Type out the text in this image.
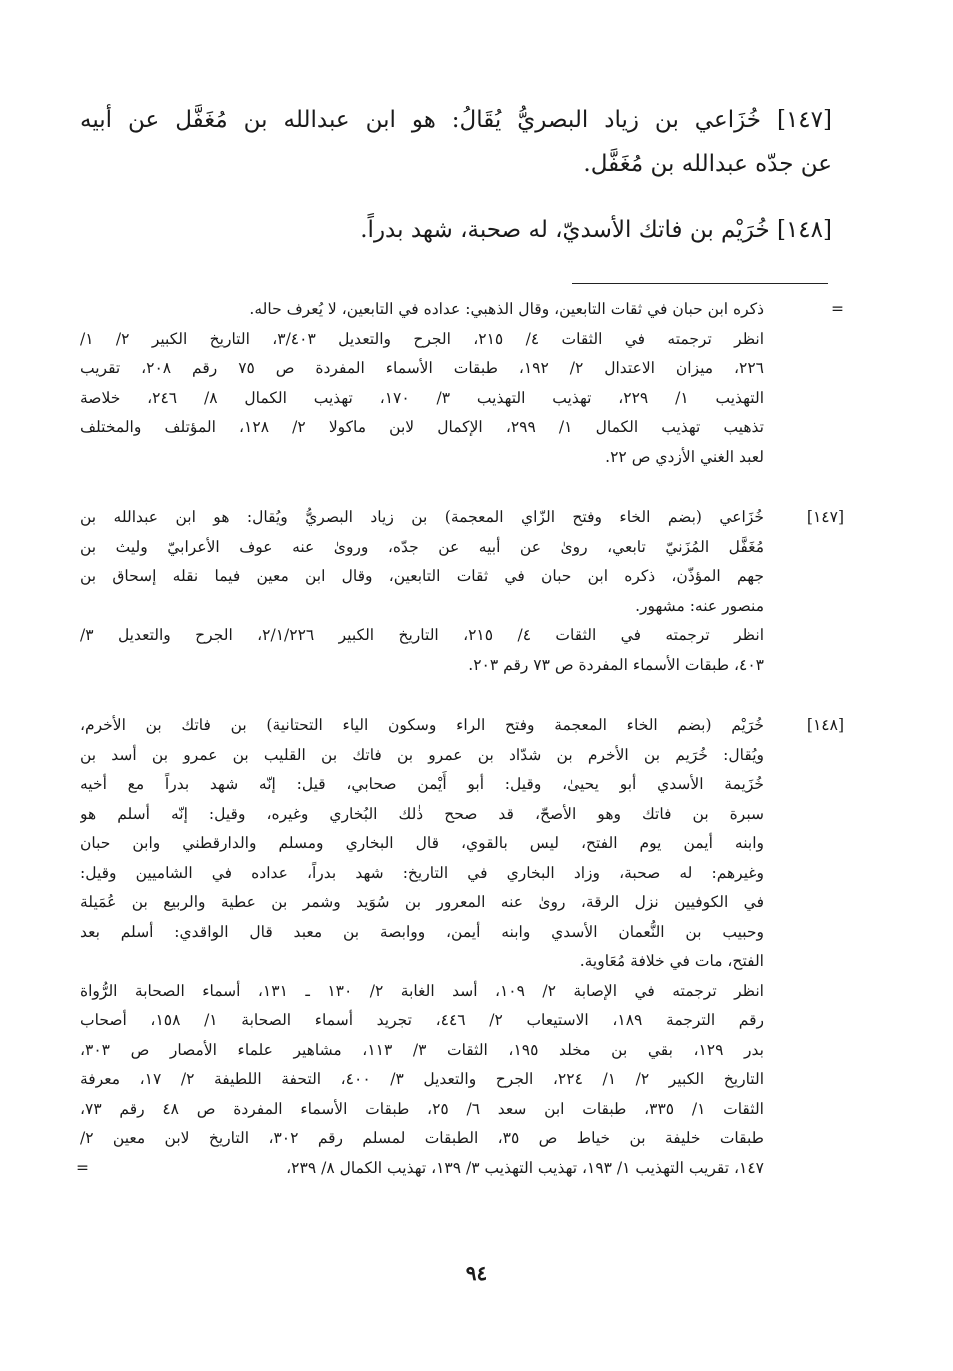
[١٤٧] خُزَاعي بن زياد البصريُّ يُقَالُ: هو ابن عبدالله بن مُغَفَّل عن أبيه
عن جدّه عبدالله بن مُغَفَّل.
[١٤٨] خُرَيْم بن فاتك الأسديّ، له صحبة، شهد بدراً.
=
ذكره ابن حبان في ثقات التابعين، وقال الذهبي: عداده في التابعين، لا يُعرف حاله.
انظر ترجمته في الثقات ٤/ ٢١٥، الجرح والتعديل ٣/٤٠٣، التاريخ الكبير ٢/ ١/
٢٢٦، ميزان الاعتدال ٢/ ١٩٢، طبقات الأسماء المفردة ص ٧٥ رقم ٢٠٨، تقريب
التهذيب ١/ ٢٢٩، تهذيب التهذيب ٣/ ١٧٠، تهذيب الكمال ٨/ ٢٤٦، خلاصة
تذهيب تهذيب الكمال ١/ ٢٩٩، الإكمال لابن ماكولا ٢/ ١٢٨، المؤتلف والمختلف
لعبد الغني الأزدي ص ٢٢.
[١٤٧]
خُزَاعي (بضم الخاء وفتح الزّاي المعجمة) بن زياد البصريُّ ويُقال: هو ابن عبدالله بن
مُغَفَّل المُزَنيّ تابعي، روىٰ عن أبيه عن جدّه، وروىٰ عنه عوف الأعرابيّ وليث بن
جهم المؤذّن، ذكره ابن حبان في ثقات التابعين، وقال ابن معين فيما نقله إسحاق بن
منصور عنه: مشهور.
انظر ترجمته في الثقات ٤/ ٢١٥، التاريخ الكبير ٢/١/٢٢٦، الجرح والتعديل ٣/
٤٠٣، طبقات الأسماء المفردة ص ٧٣ رقم ٢٠٣.
[١٤٨]
خُرَيْم (بضم الخاء المعجمة وفتح الراء وسكون الياء التحتانية) بن فاتك بن الأخرم،
ويُقال: خُرَيم بن الأخرم بن شدّاد بن عمرو بن فاتك بن القليب بن عمرو بن أسد بن
خُزَيمة الأسدي أبو يحيىٰ، وقيل: أبو أَيْمن صحابي، قيل: إنّه شهد بدراً مع أخيه
سبرة بن فاتك وهو الأصحّ، قد صحح ذٰلك البُخاري وغيره، وقيل: إنّه أسلم هو
وابنه أيمن يوم الفتح، ليس بالقوي، قال البخاري ومسلم والدارقطني وابن حبان
وغيرهم: له صحبة، وزاد البخاري في التاريخ: شهد بدراً، عداده في الشاميين وقيل:
في الكوفيين نزل الرقة، روىٰ عنه المعرور بن سُوَيد وشمر بن عطية والربيع بن عُمَيلة
وحبيب بن النُّعمان الأسدي وابنه أيمن، ووابصة بن معبد قال الواقدي: أسلم بعد
الفتح، مات في خلافة مُعَاوية.
انظر ترجمته في الإصابة ٢/ ١٠٩، أسد الغابة ٢/ ١٣٠ ـ ١٣١، أسماء الصحابة الرُّواة
رقم الترجمة ١٨٩، الاستيعاب ٢/ ٤٤٦، تجريد أسماء الصحابة ١/ ١٥٨، أصحاب
بدر ١٢٩، بقي بن مخلد ١٩٥، الثقات ٣/ ١١٣، مشاهير علماء الأمصار ص ٣٠٣،
التاريخ الكبير ٢/ ١/ ٢٢٤، الجرح والتعديل ٣/ ٤٠٠، التحفة اللطيفة ٢/ ١٧، معرفة
الثقات ١/ ٣٣٥، طبقات ابن سعد ٦/ ٢٥، طبقات الأسماء المفردة ص ٤٨ رقم ٧٣،
طبقات خليفة بن خياط ص ٣٥، الطبقات لمسلم رقم ٣٠٢، التاريخ لابن معين ٢/
١٤٧، تقريب التهذيب ١/ ١٩٣، تهذيب التهذيب ٣/ ١٣٩، تهذيب الكمال ٨/ ٢٣٩،
=
٩٤
